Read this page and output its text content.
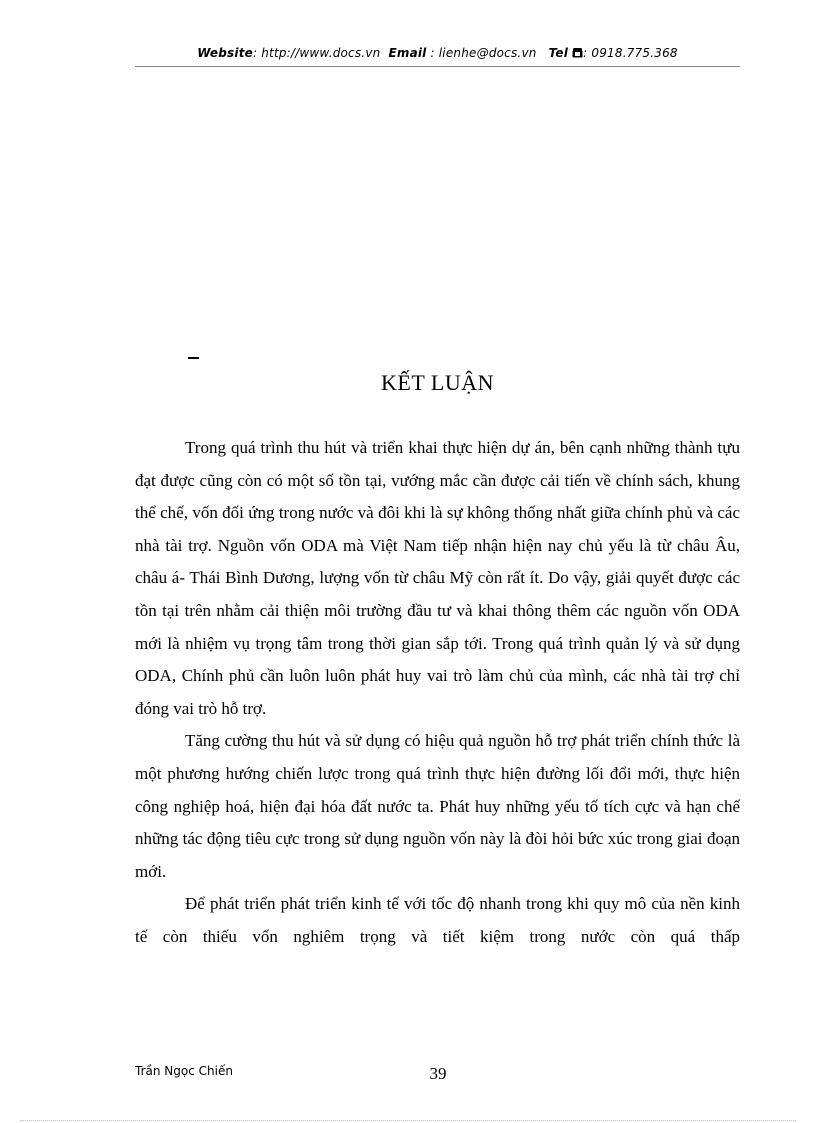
Website: http://www.docs.vn Email : lienhe@docs.vn Tel : 0918.775.368
KẾT LUẬN

Trong quá trình thu hút và triển khai thực hiện dự án, bên cạnh những thành tựu đạt được cũng còn có một số tồn tại, vướng mắc cần được cải tiến về chính sách, khung thể chế, vốn đối ứng trong nước và đôi khi là sự không thống nhất giữa chính phủ và các nhà tài trợ. Nguồn vốn ODA mà Việt Nam tiếp nhận hiện nay chủ yếu là từ châu Âu, châu á- Thái Bình Dương, lượng vốn từ châu Mỹ còn rất ít. Do vậy, giải quyết được các tồn tại trên nhằm cải thiện môi trường đầu tư và khai thông thêm các nguồn vốn ODA mới là nhiệm vụ trọng tâm trong thời gian sắp tới. Trong quá trình quản lý và sử dụng ODA, Chính phủ cần luôn luôn phát huy vai trò làm chủ của mình, các nhà tài trợ chỉ đóng vai trò hỗ trợ.

Tăng cường thu hút và sử dụng có hiệu quả nguồn hỗ trợ phát triển chính thức là một phương hướng chiến lược trong quá trình thực hiện đường lối đổi mới, thực hiện công nghiệp hoá, hiện đại hóa đất nước ta. Phát huy những yếu tố tích cực và hạn chế những tác động tiêu cực trong sử dụng nguồn vốn này là đòi hỏi bức xúc trong giai đoạn mới.

Để phát triển phát triển kinh tế với tốc độ nhanh trong khi quy mô của nền kinh tế còn thiếu vốn nghiêm trọng và tiết kiệm trong nước còn quá thấp

Trần Ngọc Chiến	39
